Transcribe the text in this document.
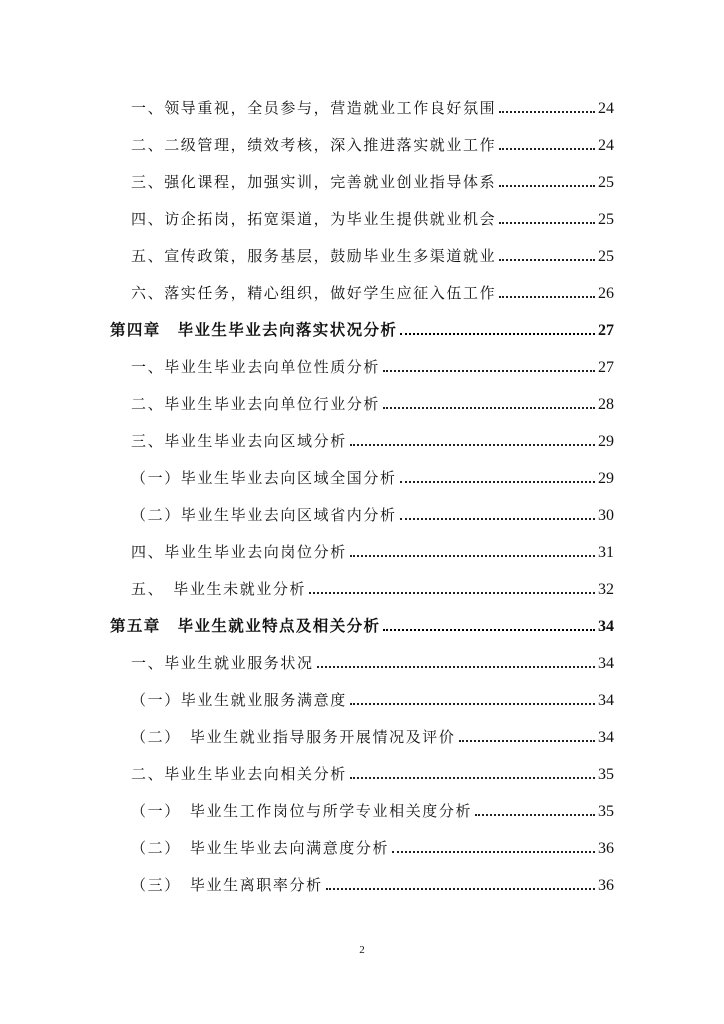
一、领导重视，全员参与，营造就业工作良好氛围	24
二、二级管理，绩效考核，深入推进落实就业工作	24
三、强化课程，加强实训，完善就业创业指导体系	25
四、访企拓岗，拓宽渠道，为毕业生提供就业机会	25
五、宣传政策，服务基层，鼓励毕业生多渠道就业	25
六、落实任务，精心组织，做好学生应征入伍工作	26
第四章　毕业生毕业去向落实状况分析	27
一、毕业生毕业去向单位性质分析	27
二、毕业生毕业去向单位行业分析	28
三、毕业生毕业去向区域分析	29
（一）毕业生毕业去向区域全国分析	29
（二）毕业生毕业去向区域省内分析	30
四、毕业生毕业去向岗位分析	31
五、　毕业生未就业分析	32
第五章　毕业生就业特点及相关分析	34
一、毕业生就业服务状况	34
（一）毕业生就业服务满意度	34
（二）　毕业生就业指导服务开展情况及评价	34
二、毕业生毕业去向相关分析	35
（一）　毕业生工作岗位与所学专业相关度分析	35
（二）　毕业生毕业去向满意度分析	36
（三）　毕业生离职率分析	36
2
